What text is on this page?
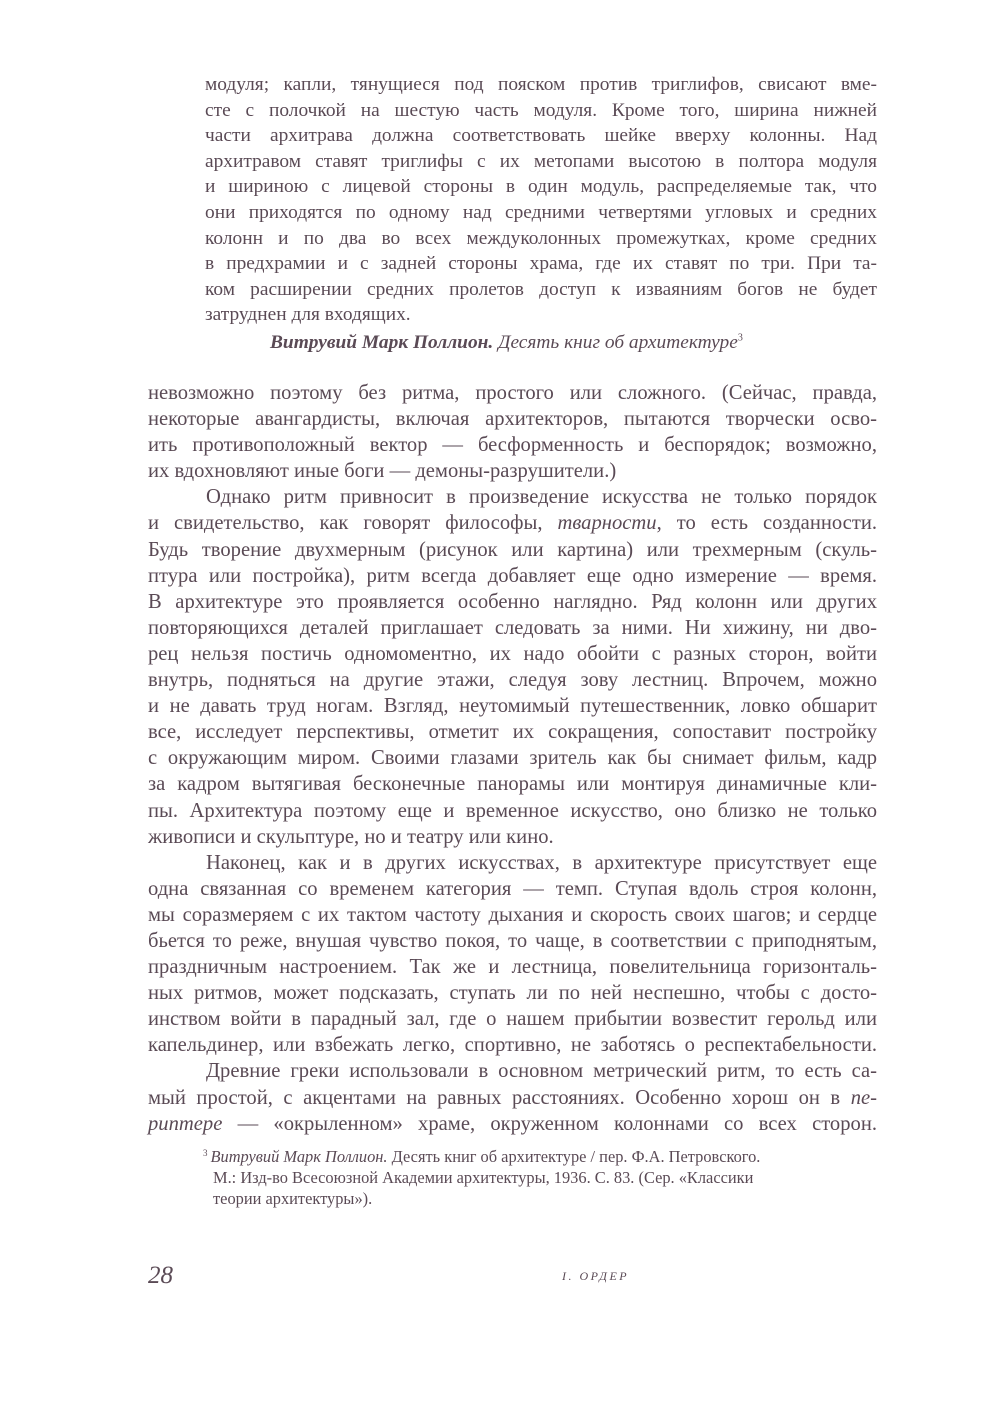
модуля; капли, тянущиеся под пояском против триглифов, свисают вме-
сте с полочкой на шестую часть модуля. Кроме того, ширина нижней
части архитрава должна соответствовать шейке вверху колонны. Над
архитравом ставят триглифы с их метопами высотою в полтора модуля
и шириною с лицевой стороны в один модуль, распределяемые так, что
они приходятся по одному над средними четвертями угловых и средних
колонн и по два во всех междуколонных промежутках, кроме средних
в предхрамии и с задней стороны храма, где их ставят по три. При та-
ком расширении средних пролетов доступ к изваяниям богов не будет
затруднен для входящих.
Витрувий Марк Поллион. Десять книг об архитектуре$^3$
невозможно поэтому без ритма, простого или сложного. (Сейчас, правда,
некоторые авангардисты, включая архитекторов, пытаются творчески осво-
ить противоположный вектор — бесформенность и беспорядок; возможно,
их вдохновляют иные боги — демоны-разрушители.)
Однако ритм привносит в произведение искусства не только порядок
и свидетельство, как говорят философы, тварности, то есть созданности.
Будь творение двухмерным (рисунок или картина) или трехмерным (скуль-
птура или постройка), ритм всегда добавляет еще одно измерение — время.
В архитектуре это проявляется особенно наглядно. Ряд колонн или других
повторяющихся деталей приглашает следовать за ними. Ни хижину, ни дво-
рец нельзя постичь одномоментно, их надо обойти с разных сторон, войти
внутрь, подняться на другие этажи, следуя зову лестниц. Впрочем, можно
и не давать труд ногам. Взгляд, неутомимый путешественник, ловко обшарит
все, исследует перспективы, отметит их сокращения, сопоставит постройку
с окружающим миром. Своими глазами зритель как бы снимает фильм, кадр
за кадром вытягивая бесконечные панорамы или монтируя динамичные кли-
пы. Архитектура поэтому еще и временное искусство, оно близко не только
живописи и скульптуре, но и театру или кино.
Наконец, как и в других искусствах, в архитектуре присутствует еще
одна связанная со временем категория — темп. Ступая вдоль строя колонн,
мы соразмеряем с их тактом частоту дыхания и скорость своих шагов; и сердце
бьется то реже, внушая чувство покоя, то чаще, в соответствии с приподнятым,
праздничным настроением. Так же и лестница, повелительница горизонталь-
ных ритмов, может подсказать, ступать ли по ней неспешно, чтобы с досто-
инством войти в парадный зал, где о нашем прибытии возвестит герольд или
капельдинер, или взбежать легко, спортивно, не заботясь о респектабельности.
Древние греки использовали в основном метрический ритм, то есть са-
мый простой, с акцентами на равных расстояниях. Особенно хорош он в пе-
риптере — «окрыленном» храме, окруженном колоннами со всех сторон.
$^3$ Витрувий Марк Поллион. Десять книг об архитектуре / пер. Ф.А. Петровского.
М.: Изд-во Всесоюзной Академии архитектуры, 1936. С. 83. (Сер. «Классики
теории архитектуры»).
28	I. ОРДЕР
